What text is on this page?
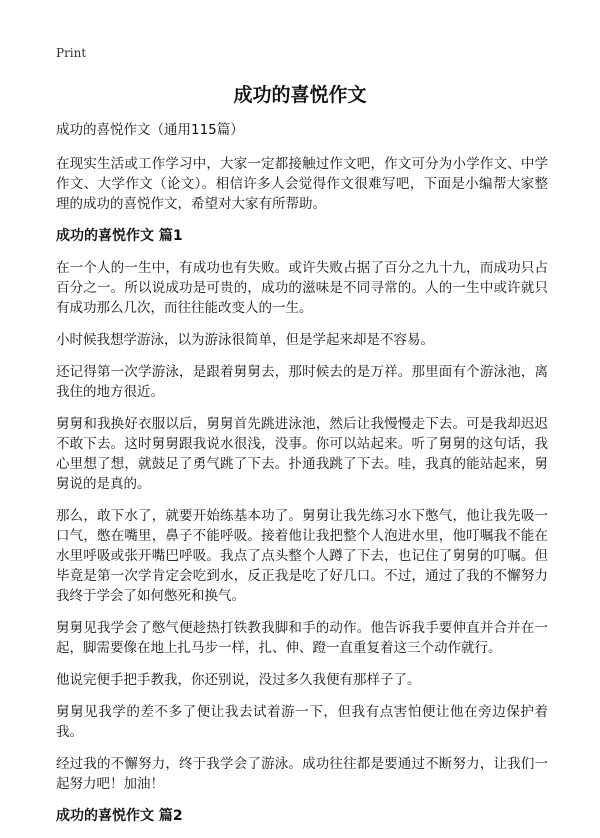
Print
成功的喜悦作文
成功的喜悦作文（通用115篇）

在现实生活或工作学习中，大家一定都接触过作文吧，作文可分为小学作文、中学作文、大学作文（论文）。相信许多人会觉得作文很难写吧，下面是小编帮大家整理的成功的喜悦作文，希望对大家有所帮助。

成功的喜悦作文 篇1

在一个人的一生中，有成功也有失败。或许失败占据了百分之九十九，而成功只占百分之一。所以说成功是可贵的，成功的滋味是不同寻常的。人的一生中或许就只有成功那么几次，而往往能改变人的一生。

小时候我想学游泳，以为游泳很简单，但是学起来却是不容易。

还记得第一次学游泳，是跟着舅舅去，那时候去的是万祥。那里面有个游泳池，离我住的地方很近。

舅舅和我换好衣服以后，舅舅首先跳进泳池，然后让我慢慢走下去。可是我却迟迟不敢下去。这时舅舅跟我说水很浅，没事。你可以站起来。听了舅舅的这句话，我心里想了想，就鼓足了勇气跳了下去。扑通我跳了下去。哇，我真的能站起来，舅舅说的是真的。

那么，敢下水了，就要开始练基本功了。舅舅让我先练习水下憋气，他让我先吸一口气，憋在嘴里，鼻子不能呼吸。接着他让我把整个人泡进水里，他叮嘱我不能在水里呼吸或张开嘴巴呼吸。我点了点头整个人蹲了下去，也记住了舅舅的叮嘱。但毕竟是第一次学肯定会吃到水，反正我是吃了好几口。不过，通过了我的不懈努力我终于学会了如何憋死和换气。

舅舅见我学会了憋气便趁热打铁教我脚和手的动作。他告诉我手要伸直并合并在一起，脚需要像在地上扎马步一样，扎、伸、蹬一直重复着这三个动作就行。

他说完便手把手教我，你还别说，没过多久我便有那样子了。

舅舅见我学的差不多了便让我去试着游一下，但我有点害怕便让他在旁边保护着我。

经过我的不懈努力，终于我学会了游泳。成功往往都是要通过不断努力，让我们一起努力吧！加油！

成功的喜悦作文 篇2
